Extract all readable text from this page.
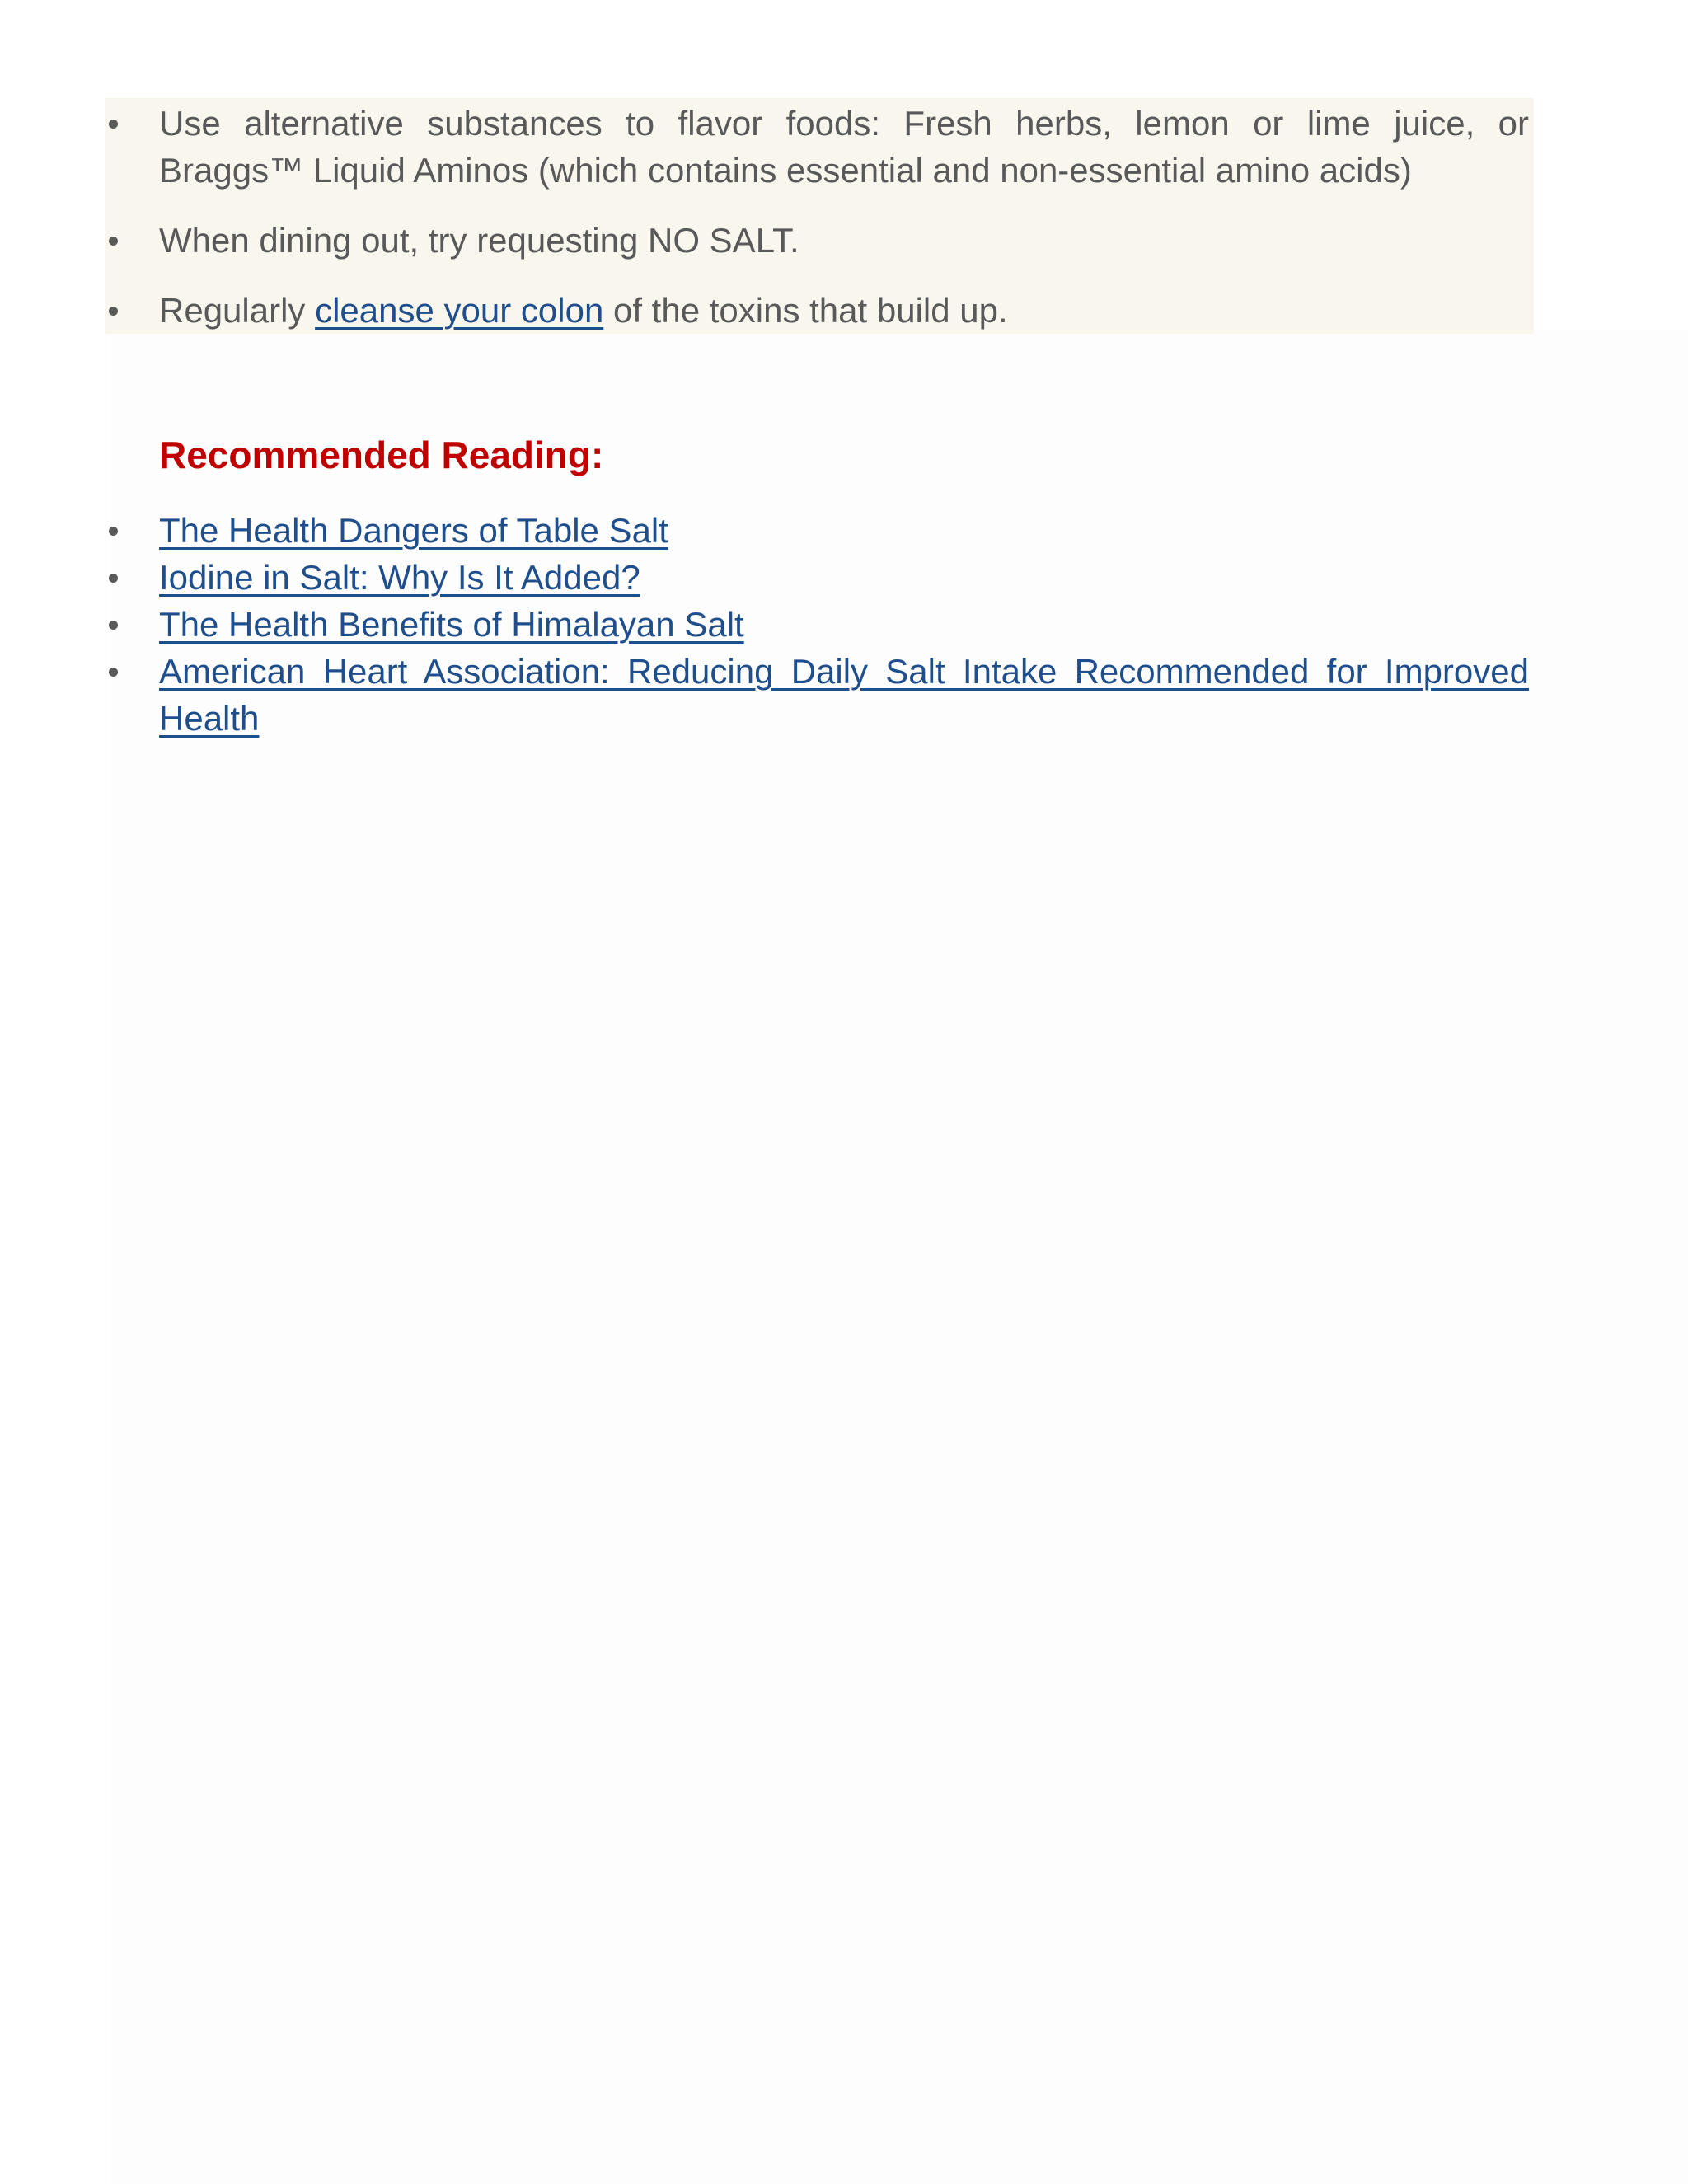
Use alternative substances to flavor foods: Fresh herbs, lemon or lime juice, or
Braggs™ Liquid Aminos (which contains essential and non-essential amino acids)
When dining out, try requesting NO SALT.
Regularly cleanse your colon of the toxins that build up.
Recommended Reading:
The Health Dangers of Table Salt
Iodine in Salt: Why Is It Added?
The Health Benefits of Himalayan Salt
American Heart Association: Reducing Daily Salt Intake Recommended for Improved
Health
